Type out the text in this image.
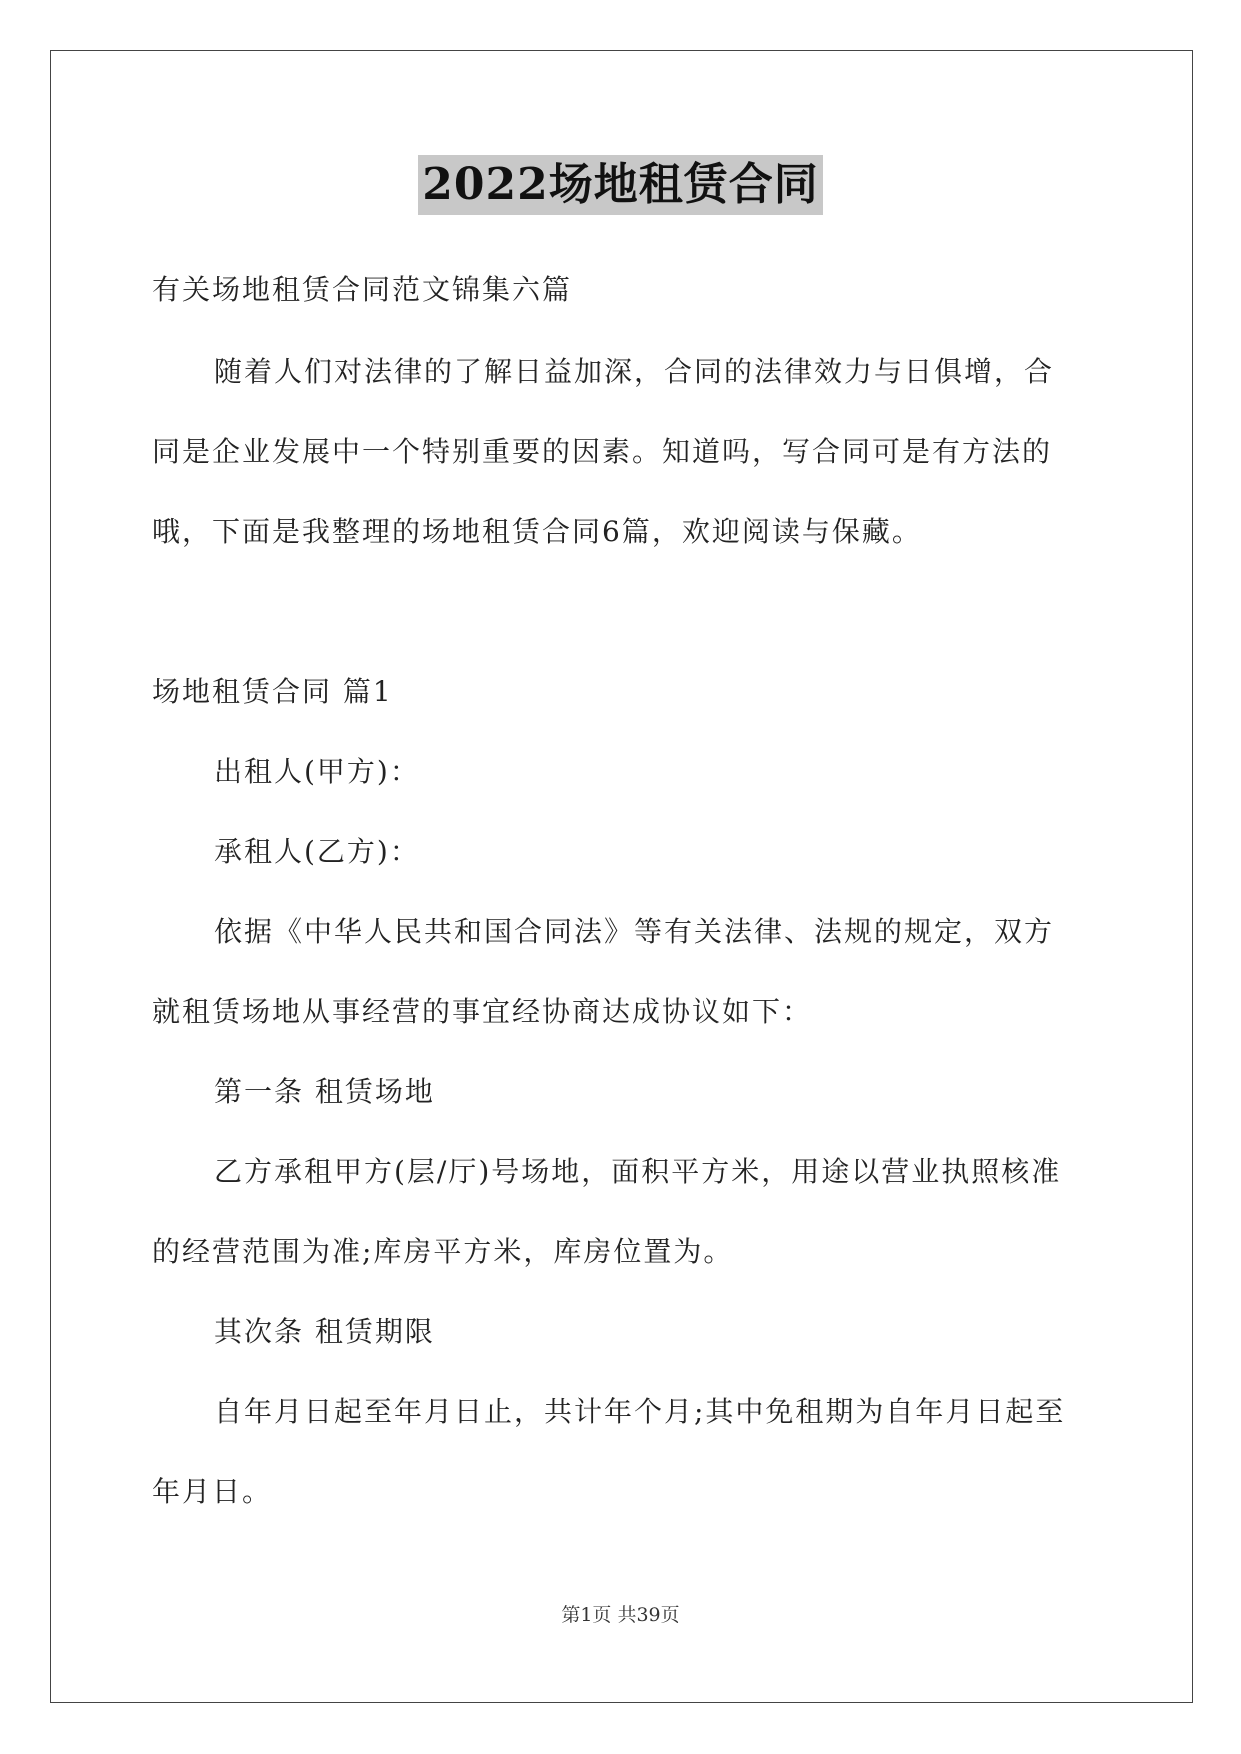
2022场地租赁合同
有关场地租赁合同范文锦集六篇
随着人们对法律的了解日益加深，合同的法律效力与日俱增，合
同是企业发展中一个特别重要的因素。知道吗，写合同可是有方法的
哦，下面是我整理的场地租赁合同6篇，欢迎阅读与保藏。
场地租赁合同 篇1
出租人(甲方)：
承租人(乙方)：
依据《中华人民共和国合同法》等有关法律、法规的规定，双方
就租赁场地从事经营的事宜经协商达成协议如下：
第一条 租赁场地
乙方承租甲方(层/厅)号场地，面积平方米，用途以营业执照核准
的经营范围为准;库房平方米，库房位置为。
其次条 租赁期限
自年月日起至年月日止，共计年个月;其中免租期为自年月日起至
年月日。
第1页 共39页
